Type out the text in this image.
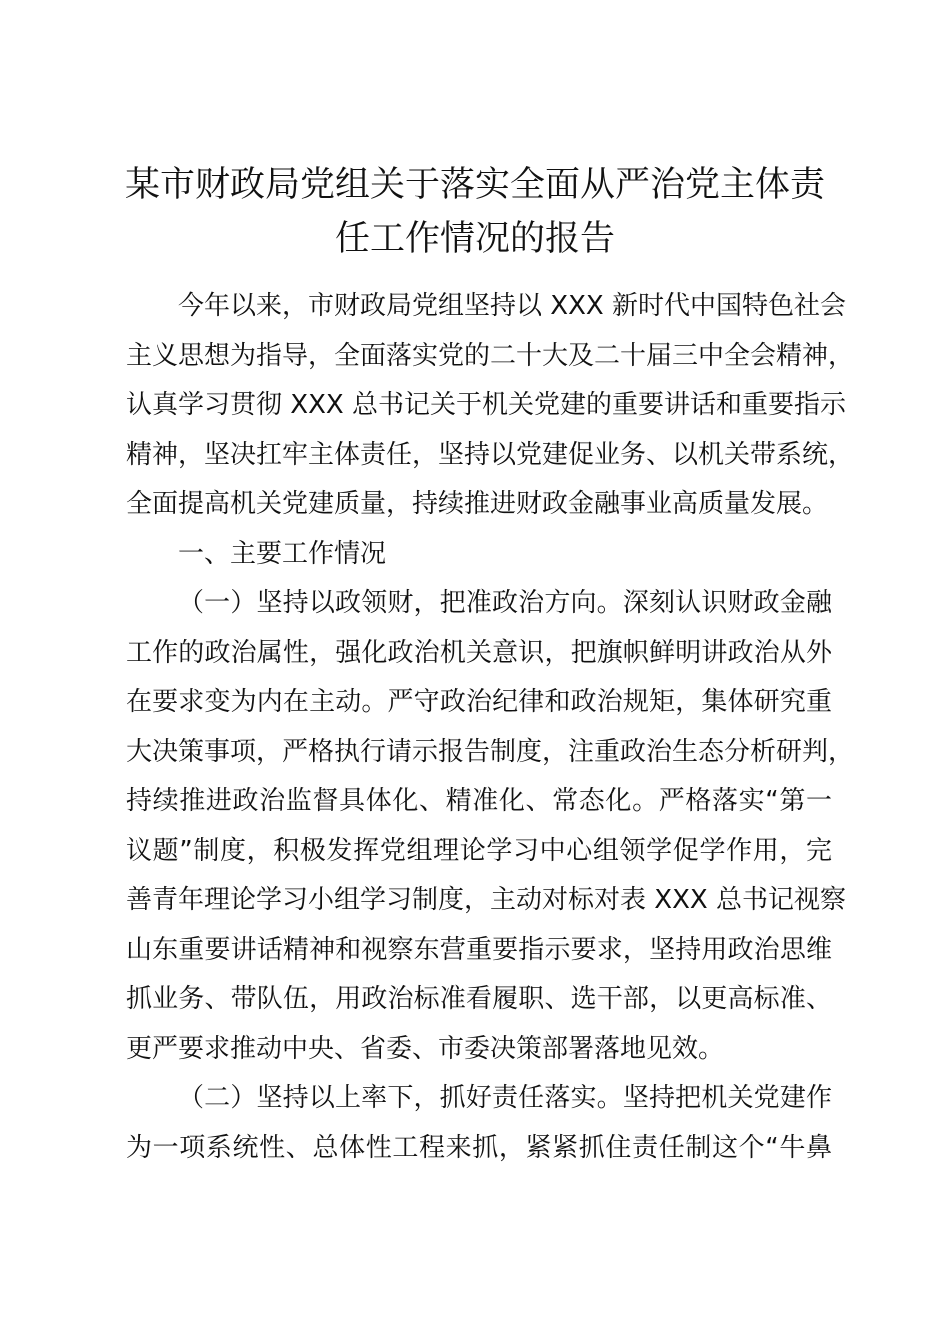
某市财政局党组关于落实全面从严治党主体责
任工作情况的报告
今年以来，市财政局党组坚持以 XXX 新时代中国特色社会
主义思想为指导，全面落实党的二十大及二十届三中全会精神，
认真学习贯彻 XXX 总书记关于机关党建的重要讲话和重要指示
精神，坚决扛牢主体责任，坚持以党建促业务、以机关带系统，
全面提高机关党建质量，持续推进财政金融事业高质量发展。
一、主要工作情况
（一）坚持以政领财，把准政治方向。深刻认识财政金融
工作的政治属性，强化政治机关意识，把旗帜鲜明讲政治从外
在要求变为内在主动。严守政治纪律和政治规矩，集体研究重
大决策事项，严格执行请示报告制度，注重政治生态分析研判，
持续推进政治监督具体化、精准化、常态化。严格落实“第一
议题”制度，积极发挥党组理论学习中心组领学促学作用，完
善青年理论学习小组学习制度，主动对标对表 XXX 总书记视察
山东重要讲话精神和视察东营重要指示要求，坚持用政治思维
抓业务、带队伍，用政治标准看履职、选干部，以更高标准、
更严要求推动中央、省委、市委决策部署落地见效。
（二）坚持以上率下，抓好责任落实。坚持把机关党建作
为一项系统性、总体性工程来抓，紧紧抓住责任制这个“牛鼻
